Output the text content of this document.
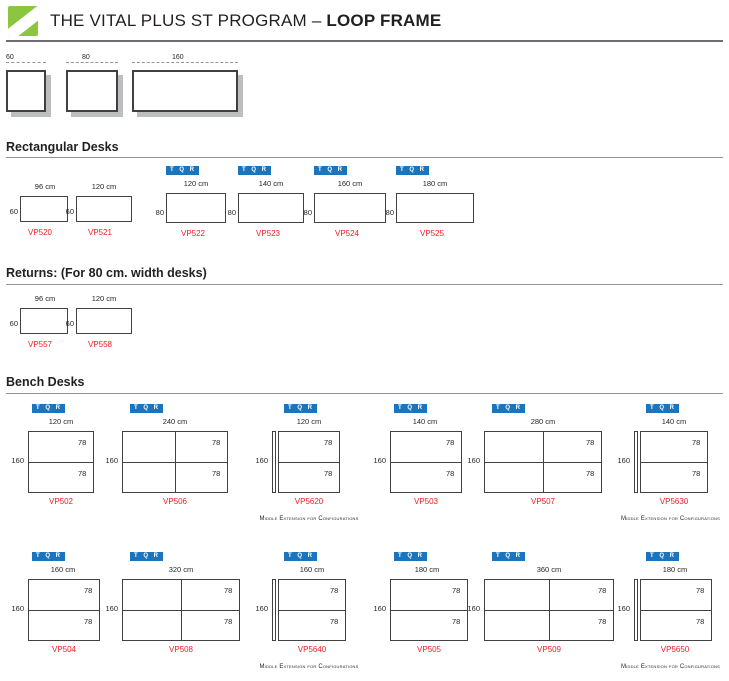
ST THE VITAL PLUS ST PROGRAM – LOOP FRAME
60	80	160
Rectangular Desks
96 cm
60
VP520
120 cm
60
VP521
T Q R
120 cm
80
VP522
T Q R
140 cm
80
VP523
T Q R
160 cm
80
VP524
T Q R
180 cm
80
VP525
Returns: (For 80 cm. width desks)
96 cm
60
VP557
120 cm
60
VP558
Bench Desks
T Q R
120 cm
160
78
78
VP502
T Q R
240 cm
160
78
78
VP506
T Q R
120 cm
160
78
78
VP5620
Middle Extension for Configurations
T Q R
140 cm
160
78
78
VP503
T Q R
280 cm
160
78
78
VP507
T Q R
140 cm
160
78
78
VP5630
Middle Extension for Configurations
T Q R
160 cm
160
78
78
VP504
T Q R
320 cm
160
78
78
VP508
T Q R
160 cm
160
78
78
VP5640
Middle Extension for Configurations
T Q R
180 cm
160
78
78
VP505
T Q R
360 cm
160
78
78
VP509
T Q R
180 cm
160
78
78
VP5650
Middle Extension for Configurations
